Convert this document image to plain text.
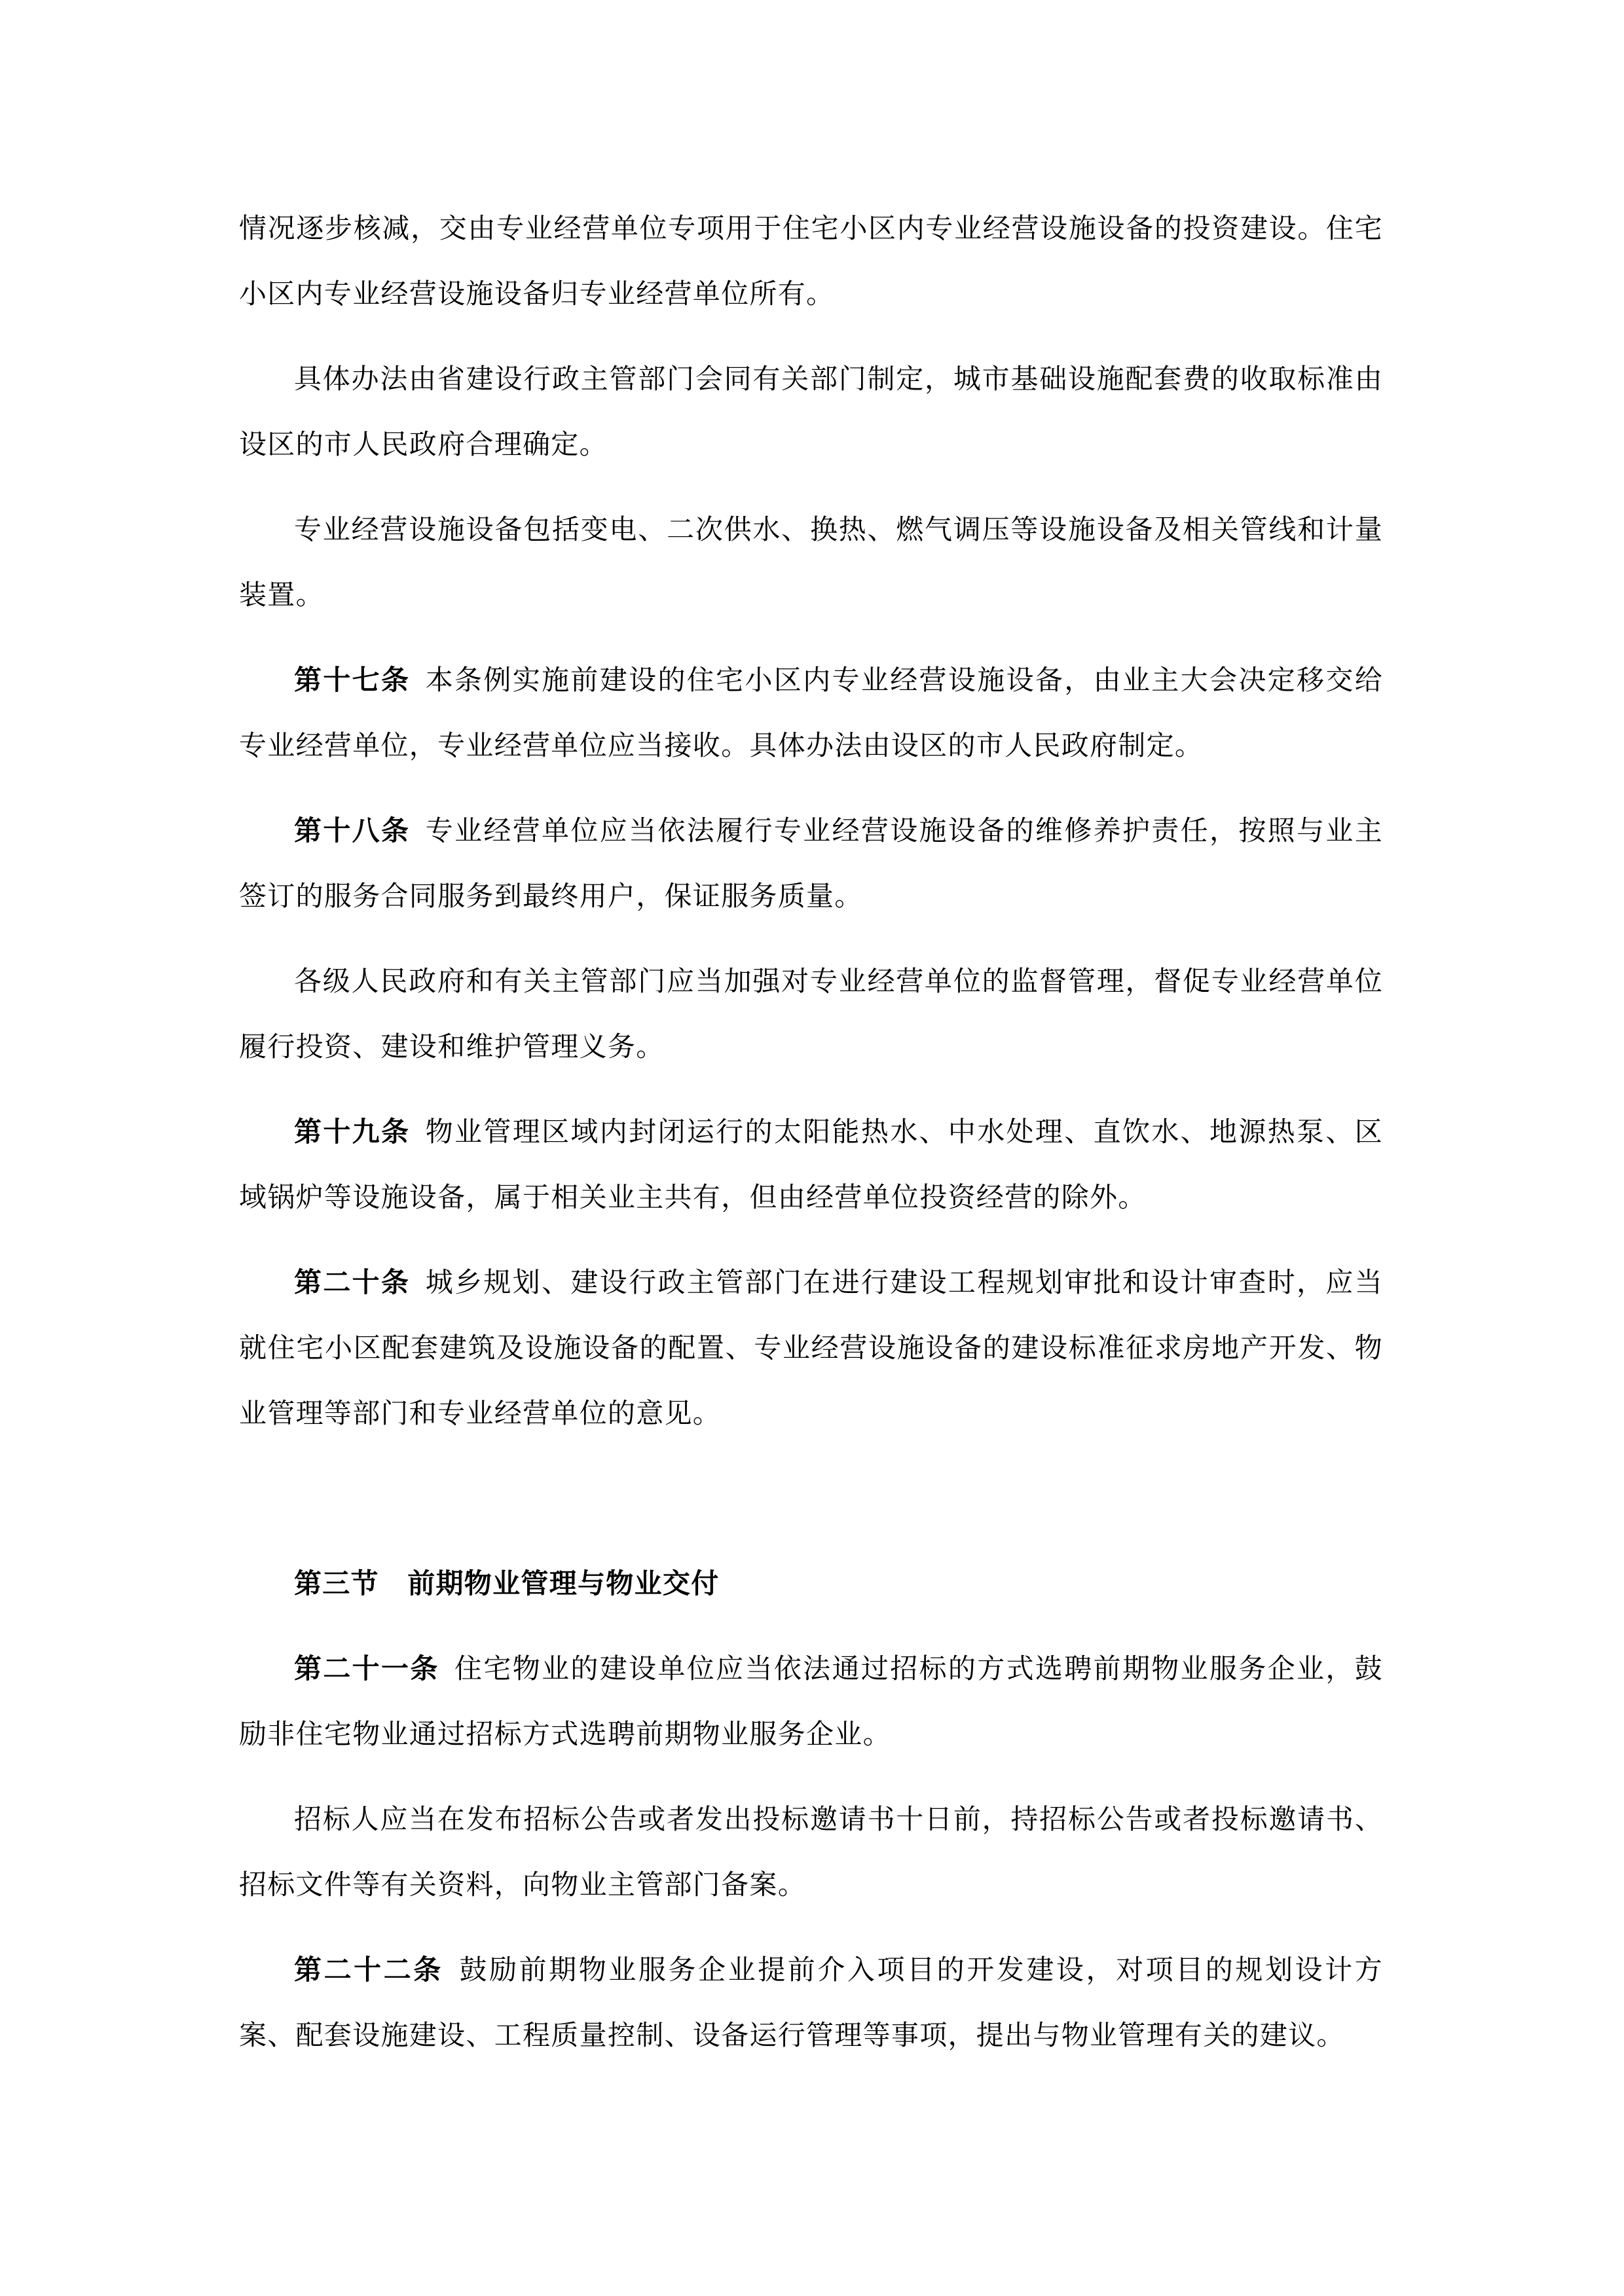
情况逐步核减，交由专业经营单位专项用于住宅小区内专业经营设施设备的投资建设。住宅小区内专业经营设施设备归专业经营单位所有。

具体办法由省建设行政主管部门会同有关部门制定，城市基础设施配套费的收取标准由设区的市人民政府合理确定。

专业经营设施设备包括变电、二次供水、换热、燃气调压等设施设备及相关管线和计量装置。

第十七条 本条例实施前建设的住宅小区内专业经营设施设备，由业主大会决定移交给专业经营单位，专业经营单位应当接收。具体办法由设区的市人民政府制定。

第十八条 专业经营单位应当依法履行专业经营设施设备的维修养护责任，按照与业主签订的服务合同服务到最终用户，保证服务质量。

各级人民政府和有关主管部门应当加强对专业经营单位的监督管理，督促专业经营单位履行投资、建设和维护管理义务。

第十九条 物业管理区域内封闭运行的太阳能热水、中水处理、直饮水、地源热泵、区域锅炉等设施设备，属于相关业主共有，但由经营单位投资经营的除外。

第二十条 城乡规划、建设行政主管部门在进行建设工程规划审批和设计审查时，应当就住宅小区配套建筑及设施设备的配置、专业经营设施设备的建设标准征求房地产开发、物业管理等部门和专业经营单位的意见。

第三节　前期物业管理与物业交付

第二十一条 住宅物业的建设单位应当依法通过招标的方式选聘前期物业服务企业，鼓励非住宅物业通过招标方式选聘前期物业服务企业。

招标人应当在发布招标公告或者发出投标邀请书十日前，持招标公告或者投标邀请书、招标文件等有关资料，向物业主管部门备案。

第二十二条 鼓励前期物业服务企业提前介入项目的开发建设，对项目的规划设计方案、配套设施建设、工程质量控制、设备运行管理等事项，提出与物业管理有关的建议。
